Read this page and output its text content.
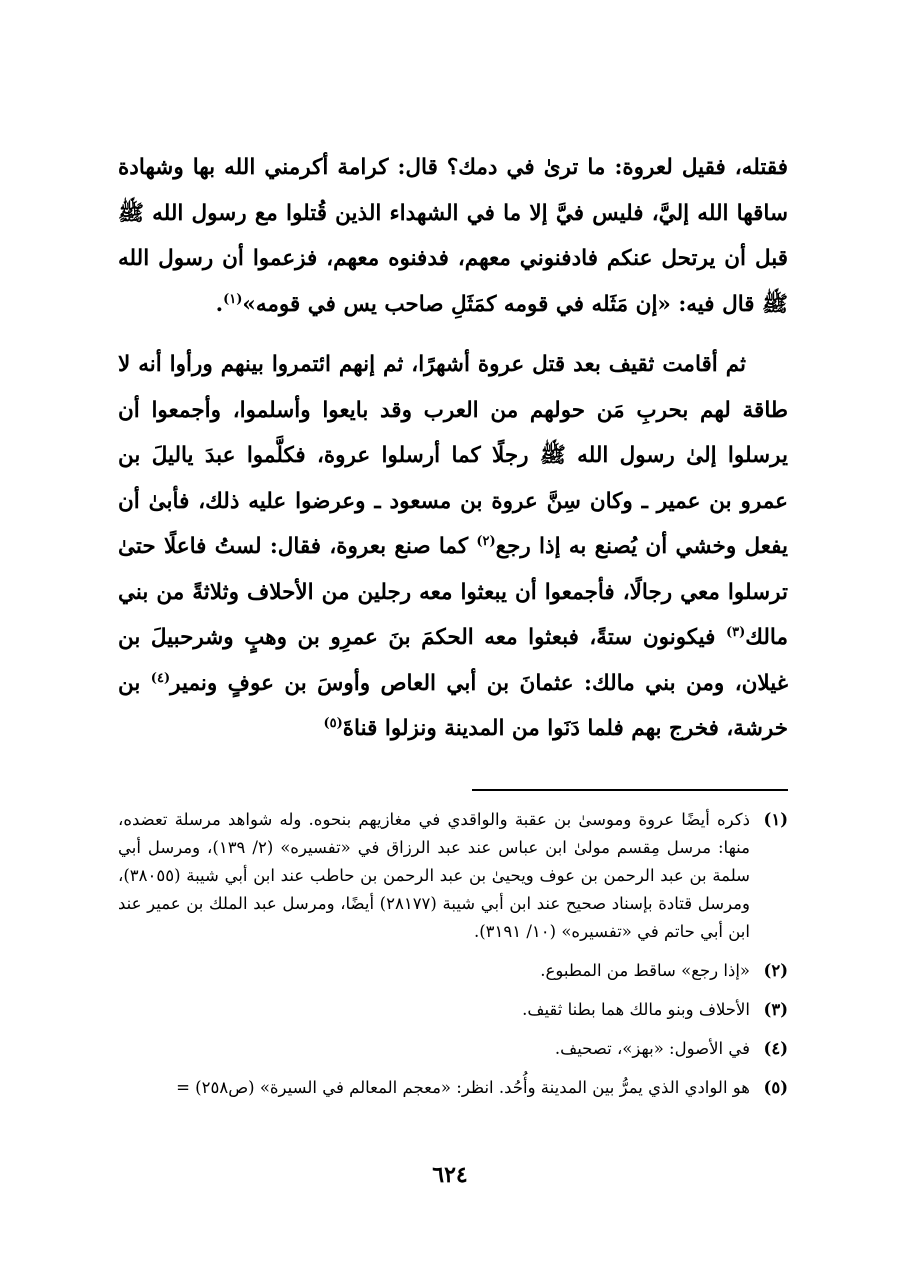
فقتله، فقيل لعروة: ما ترىٰ في دمك؟ قال: كرامة أكرمني الله بها وشهادة ساقها الله إليَّ، فليس فيَّ إلا ما في الشهداء الذين قُتلوا مع رسول الله ﷺ قبل أن يرتحل عنكم فادفنوني معهم، فدفنوه معهم، فزعموا أن رسول الله ﷺ قال فيه: «إن مَثَله في قومه كمَثَلِ صاحب يس في قومه»$^{(١)}$.

ثم أقامت ثقيف بعد قتل عروة أشهرًا، ثم إنهم ائتمروا بينهم ورأوا أنه لا طاقة لهم بحربِ مَن حولهم من العرب وقد بايعوا وأسلموا، وأجمعوا أن يرسلوا إلىٰ رسول الله ﷺ رجلًا كما أرسلوا عروة، فكلَّموا عبدَ ياليلَ بن عمرو بن عمير ـ وكان سِنَّ عروة بن مسعود ـ وعرضوا عليه ذلك، فأبىٰ أن يفعل وخشي أن يُصنع به إذا رجع$^{(٢)}$ كما صنع بعروة، فقال: لستُ فاعلًا حتىٰ ترسلوا معي رجالًا، فأجمعوا أن يبعثوا معه رجلين من الأحلاف وثلاثةً من بني مالك$^{(٣)}$ فيكونون ستةً، فبعثوا معه الحكمَ بنَ عمرِو بن وهبٍ وشرحبيلَ بن غيلان، ومن بني مالك: عثمانَ بن أبي العاص وأوسَ بن عوفٍ ونمير$^{(٤)}$ بن خرشة، فخرج بهم فلما دَنَوا من المدينة ونزلوا قناةَ$^{(٥)}$

(١)
ذكره أيضًا عروة وموسىٰ بن عقبة والواقدي في مغازيهم بنحوه. وله شواهد مرسلة تعضده، منها: مرسل مِقسم مولىٰ ابن عباس عند عبد الرزاق في «تفسيره» (٢/ ١٣٩)، ومرسل أبي سلمة بن عبد الرحمن بن عوف ويحيىٰ بن عبد الرحمن بن حاطب عند ابن أبي شيبة (٣٨٠٥٥)، ومرسل قتادة بإسناد صحيح عند ابن أبي شيبة (٢٨١٧٧) أيضًا، ومرسل عبد الملك بن عمير عند ابن أبي حاتم في «تفسيره» (١٠/ ٣١٩١).
(٢)
«إذا رجع» ساقط من المطبوع.
(٣)
الأحلاف وبنو مالك هما بطنا ثقيف.
(٤)
في الأصول: «بهز»، تصحيف.
(٥)
هو الوادي الذي يمرُّ بين المدينة وأُحُد. انظر: «معجم المعالم في السيرة» (ص٢٥٨) =
٦٢٤
